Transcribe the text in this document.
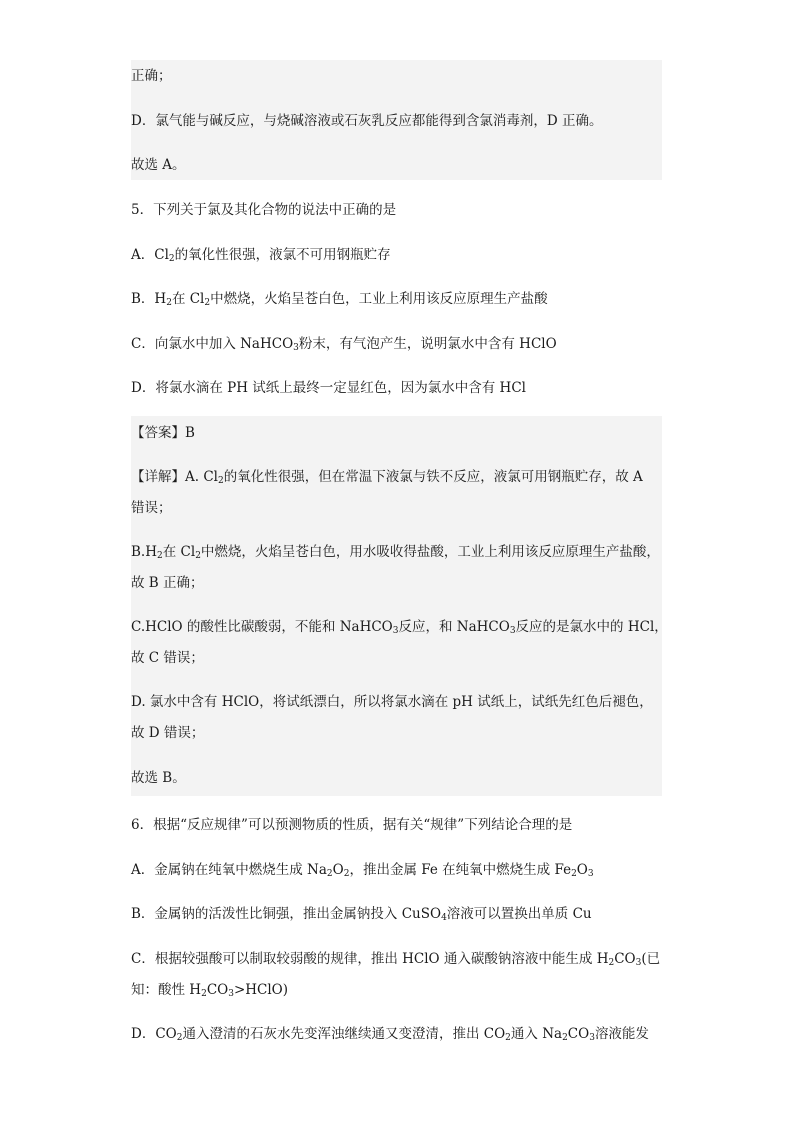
正确；
D．氯气能与碱反应，与烧碱溶液或石灰乳反应都能得到含氯消毒剂，D 正确。
故选 A。
5．下列关于氯及其化合物的说法中正确的是
A．$Cl_2$的氧化性很强，液氯不可用钢瓶贮存
B．$H_2$在 $Cl_2$中燃烧，火焰呈苍白色，工业上利用该反应原理生产盐酸
C．向氯水中加入 NaHCO$_3$粉末，有气泡产生，说明氯水中含有 HClO
D．将氯水滴在 PH 试纸上最终一定显红色，因为氯水中含有 HCl
【答案】B
【详解】A. $Cl_2$的氧化性很强，但在常温下液氯与铁不反应，液氯可用钢瓶贮存，故 A
错误；
$B.H_2$在 $Cl_2$中燃烧，火焰呈苍白色，用水吸收得盐酸，工业上利用该反应原理生产盐酸，
故 B 正确；
C.HClO 的酸性比碳酸弱，不能和 NaHCO$_3$反应，和 NaHCO$_3$反应的是氯水中的 HCl，
故 C 错误；
D. 氯水中含有 HClO，将试纸漂白，所以将氯水滴在 pH 试纸上，试纸先红色后褪色，
故 D 错误；
故选 B。
6．根据“反应规律”可以预测物质的性质，据有关“规律”下列结论合理的是
A．金属钠在纯氧中燃烧生成 $Na_2O_2$，推出金属 Fe 在纯氧中燃烧生成 $Fe_2O_3$
B．金属钠的活泼性比铜强，推出金属钠投入 CuSO$_4$溶液可以置换出单质 Cu
C．根据较强酸可以制取较弱酸的规律，推出 HClO 通入碳酸钠溶液中能生成 $H_2CO_3$(已
知：酸性 $H_2CO_3>HClO$)
D．$CO_2$通入澄清的石灰水先变浑浊继续通又变澄清，推出 $CO_2$通入 $Na_2CO_3$溶液能发
